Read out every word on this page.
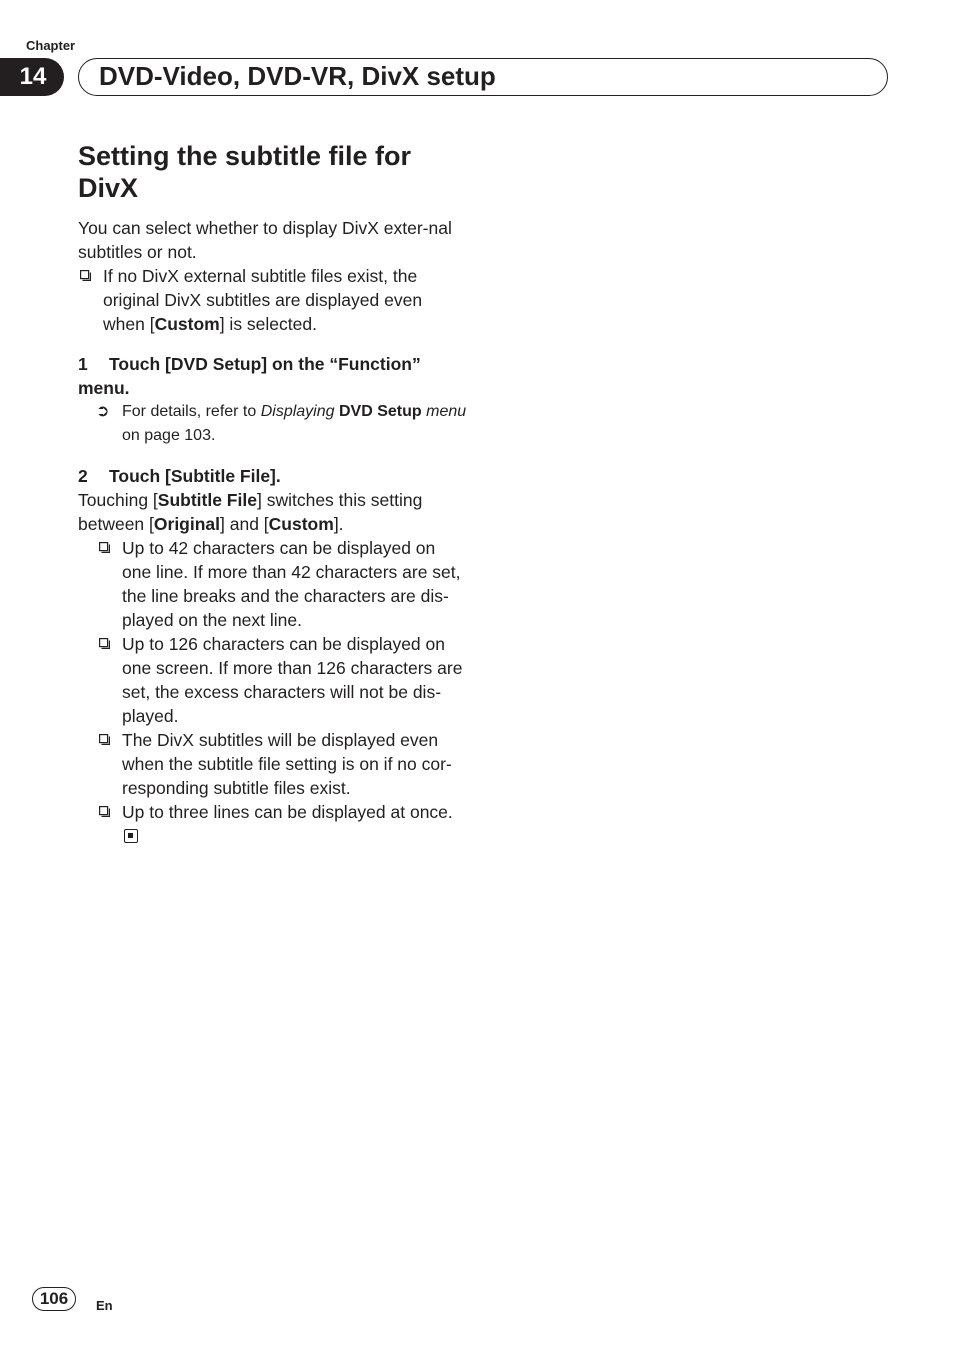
Chapter
14	DVD-Video, DVD-VR, DivX setup
Setting the subtitle file for DivX

You can select whether to display DivX exter-nal subtitles or not.

If no DivX external subtitle files exist, the original DivX subtitles are displayed even when [Custom] is selected.
1 Touch [DVD Setup] on the “Function” menu.
➲ For details, refer to Displaying DVD Setup menu on page 103.
2 Touch [Subtitle File].

Touching [Subtitle File] switches this setting between [Original] and [Custom].

Up to 42 characters can be displayed on one line. If more than 42 characters are set, the line breaks and the characters are dis-played on the next line.
Up to 126 characters can be displayed on one screen. If more than 126 characters are set, the excess characters will not be dis-played.
The DivX subtitles will be displayed even when the subtitle file setting is on if no cor-responding subtitle files exist.
Up to three lines can be displayed at once.
106	En
